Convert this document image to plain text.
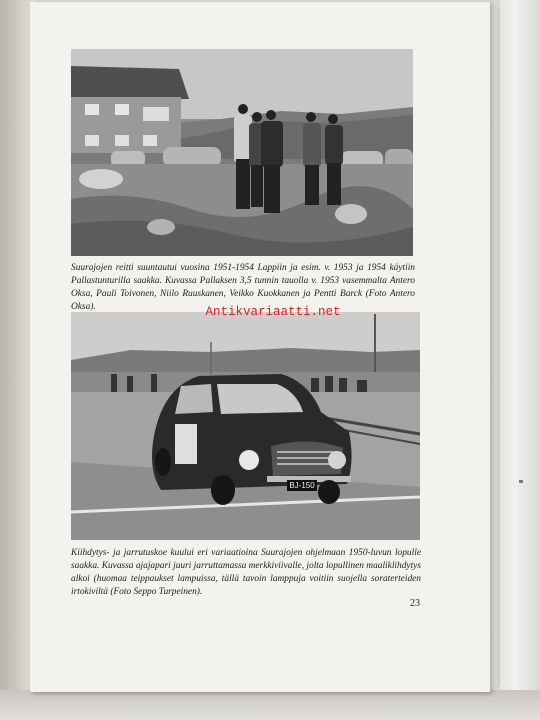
Suurajojen reitti suuntautui vuosina 1951-1954 Lappiin ja esim. v. 1953 ja 1954 käytiin Pallastunturilla saakka. Kuvassa Pallaksen 3,5 tunnin tauolla v. 1953 vasemmalta Antero Oksa, Pauli Toivonen, Niilo Ruuskanen, Veikko Kuokkanen ja Pentti Barck (Foto Antero Oksa).

BJ-150

Kiihdytys- ja jarrutuskoe kuului eri variaatioina Suurajojen ohjelmaan 1950-luvun lopulle saakka. Kuvassa ajajapari juuri jarruttamassa merkkiviivalle, jolta lopullinen maaliklihdytys alkoi (huomaa teippaukset lampuissa, tällä tavoin lamppuja voitiin suojella soraterteiden irtokiviltä (Foto Seppo Turpeinen).

23
Antikvariaatti.net
